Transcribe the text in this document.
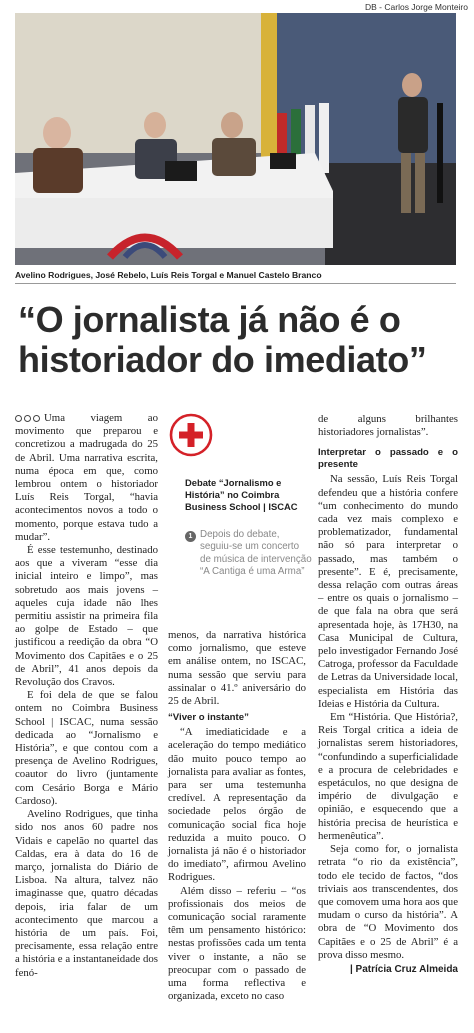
DB - Carlos Jorge Monteiro
Avelino Rodrigues, José Rebelo, Luís Reis Torgal e Manuel Castelo Branco
“O jornalista já não é o historiador do imediato”

Uma viagem ao movimento que preparou e concretizou a madrugada do 25 de Abril. Uma narrativa escrita, numa época em que, como lembrou ontem o historiador Luís Reis Torgal, “havia acontecimentos novos a todo o momento, porque estava tudo a mudar”.

É esse testemunho, destinado aos que a viveram “esse dia inicial inteiro e limpo”, mas sobretudo aos mais jovens – aqueles cuja idade não lhes permitiu assistir na primeira fila ao golpe de Estado – que justificou a reedição da obra “O Movimento dos Capitães e o 25 de Abril”, 41 anos depois da Revolução dos Cravos.

E foi dela de que se falou ontem no Coimbra Business School | ISCAC, numa sessão dedicada ao “Jornalismo e História”, e que contou com a presença de Avelino Rodrigues, coautor do livro (juntamente com Cesário Borga e Mário Cardoso).

Avelino Rodrigues, que tinha sido nos anos 60 padre nos Vidais e capelão no quartel das Caldas, era à data do 16 de março, jornalista do Diário de Lisboa. Na altura, talvez não imaginasse que, quatro décadas depois, iria falar de um acontecimento que marcou a história de um país. Foi, precisamente, essa relação entre a história e a instantaneidade dos fenó-

Debate “Jornalismo e História” no Coimbra Business School | ISCAC
1 Depois do debate, seguiu-se um concerto de música de intervenção “A Cantiga é uma Arma”

menos, da narrativa histórica como jornalismo, que esteve em análise ontem, no ISCAC, numa sessão que serviu para assinalar o 41.º aniversário do 25 de Abril.

“Viver o instante”

“A imediaticidade e a aceleração do tempo mediático dão muito pouco tempo ao jornalista para avaliar as fontes, para ser uma testemunha credível. A representação da sociedade pelos órgão de comunicação social fica hoje reduzida a muito pouco. O jornalista já não é o historiador do imediato”, afirmou Avelino Rodrigues.

Além disso – referiu – “os profissionais dos meios de comunicação social raramente têm um pensamento histórico: nestas profissões cada um tenta viver o instante, a não se preocupar com o passado de uma forma reflectiva e organizada, exceto no caso

de alguns brilhantes historiadores jornalistas”.

Interpretar o passado e o presente

Na sessão, Luís Reis Torgal defendeu que a história confere “um conhecimento do mundo cada vez mais complexo e problematizador, fundamental não só para interpretar o passado, mas também o presente”. E é, precisamente, dessa relação com outras áreas – entre os quais o jornalismo – de que fala na obra que será apresentada hoje, às 17H30, na Casa Municipal de Cultura, pelo investigador Fernando José Catroga, professor da Faculdade de Letras da Universidade local, especialista em História das Ideias e História da Cultura.

Em “História. Que História?, Reis Torgal critica a ideia de jornalistas serem historiadores, “confundindo a superficialidade e a procura de celebridades e espetáculos, no que designa de império de divulgação e opinião, e esquecendo que a história precisa de heurística e hermenêutica”.

Seja como for, o jornalista retrata “o rio da existência”, todo ele tecido de factos, “dos triviais aos transcendentes, dos que comovem uma hora aos que mudam o curso da história”. A obra de “O Movimento dos Capitães e o 25 de Abril” é a prova disso mesmo.

| Patrícia Cruz Almeida
